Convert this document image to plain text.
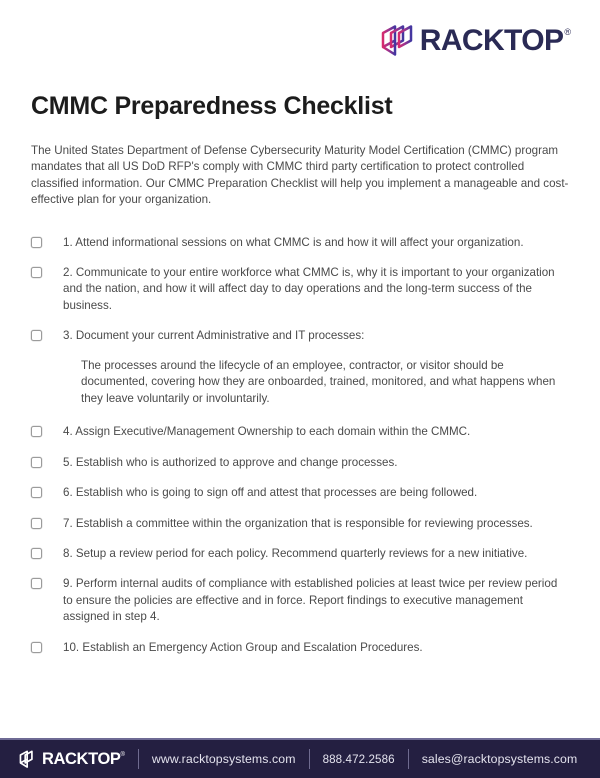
RACKTOP ®
CMMC Preparedness Checklist

The United States Department of Defense Cybersecurity Maturity Model Certification (CMMC) program mandates that all US DoD RFP's comply with CMMC third party certification to protect controlled classified information. Our CMMC Preparation Checklist will help you implement a manageable and cost-effective plan for your organization.

1. Attend informational sessions on what CMMC is and how it will affect your organization.

2. Communicate to your entire workforce what CMMC is, why it is important to your organization and the nation, and how it will affect day to day operations and the long-term success of the business.

3. Document your current Administrative and IT processes:

The processes around the lifecycle of an employee, contractor, or visitor should be documented, covering how they are onboarded, trained, monitored, and what happens when they leave voluntarily or involuntarily.

4. Assign Executive/Management Ownership to each domain within the CMMC.

5. Establish who is authorized to approve and change processes.

6. Establish who is going to sign off and attest that processes are being followed.

7. Establish a committee within the organization that is responsible for reviewing processes.

8. Setup a review period for each policy. Recommend quarterly reviews for a new initiative.

9. Perform internal audits of compliance with established policies at least twice per review period to ensure the policies are effective and in force. Report findings to executive management assigned in step 4.

10. Establish an Emergency Action Group and Escalation Procedures.

RACKTOP ® www.racktopsystems.com 888.472.2586 sales@racktopsystems.com
